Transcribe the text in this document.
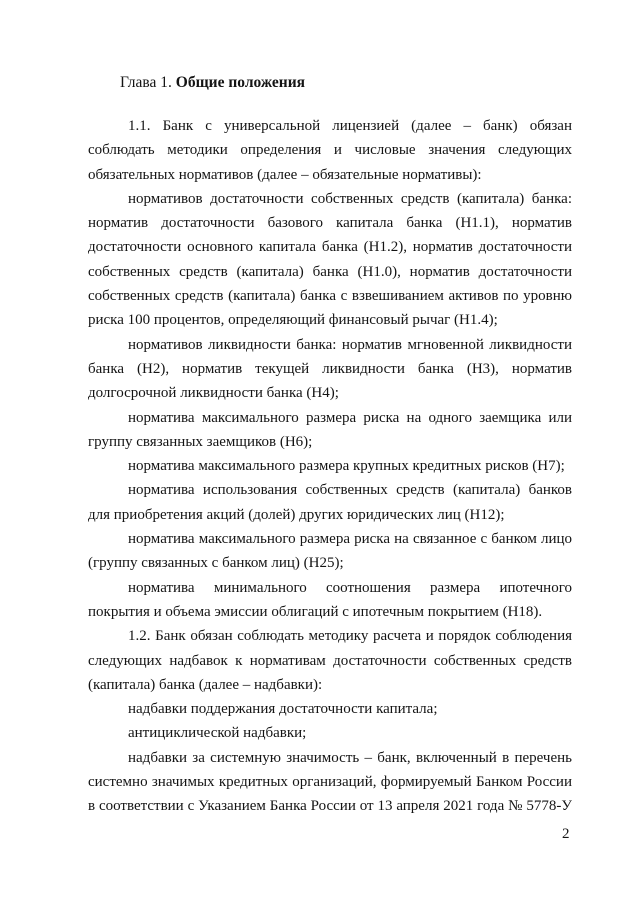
Глава 1. Общие положения

1.1. Банк с универсальной лицензией (далее – банк) обязан соблюдать методики определения и числовые значения следующих обязательных нормативов (далее – обязательные нормативы):

нормативов достаточности собственных средств (капитала) банка: норматив достаточности базового капитала банка (Н1.1), норматив достаточности основного капитала банка (Н1.2), норматив достаточности собственных средств (капитала) банка (Н1.0), норматив достаточности собственных средств (капитала) банка с взвешиванием активов по уровню риска 100 процентов, определяющий финансовый рычаг (Н1.4);

нормативов ликвидности банка: норматив мгновенной ликвидности банка (Н2), норматив текущей ликвидности банка (Н3), норматив долгосрочной ликвидности банка (Н4);

норматива максимального размера риска на одного заемщика или группу связанных заемщиков (Н6);

норматива максимального размера крупных кредитных рисков (Н7);

норматива использования собственных средств (капитала) банков для приобретения акций (долей) других юридических лиц (Н12);

норматива максимального размера риска на связанное с банком лицо (группу связанных с банком лиц) (Н25);

норматива минимального соотношения размера ипотечного покрытия и объема эмиссии облигаций с ипотечным покрытием (Н18).

1.2. Банк обязан соблюдать методику расчета и порядок соблюдения следующих надбавок к нормативам достаточности собственных средств (капитала) банка (далее – надбавки):

надбавки поддержания достаточности капитала;

антициклической надбавки;

надбавки за системную значимость – банк, включенный в перечень системно значимых кредитных организаций, формируемый Банком России в соответствии с Указанием Банка России от 13 апреля 2021 года № 5778-У

2
